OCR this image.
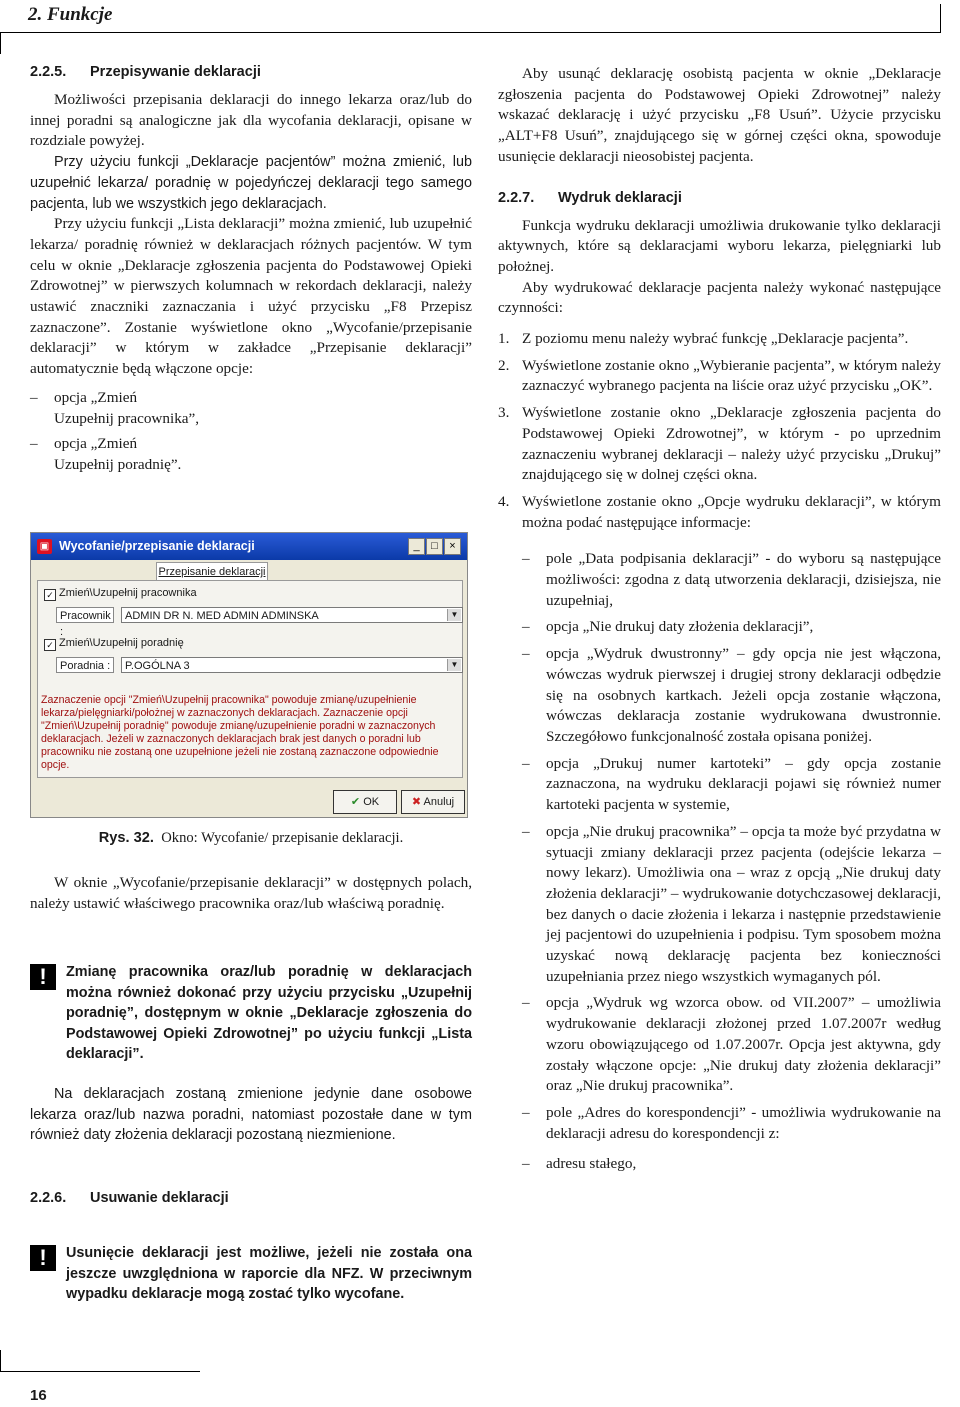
2. Funkcje
2.2.5. Przepisywanie deklaracji

Możliwości przepisania deklaracji do innego lekarza oraz/lub do innej poradni są analogiczne jak dla wycofania deklaracji, opisane w rozdziale powyżej.

Przy użyciu funkcji „Deklaracje pacjentów” można zmienić, lub uzupełnić lekarza/ poradnię w pojedyńczej deklaracji tego samego pacjenta, lub we wszystkich jego deklaracjach.

Przy użyciu funkcji „Lista deklaracji” można zmienić, lub uzupełnić lekarza/ poradnię również w deklaracjach różnych pacjentów. W tym celu w oknie „Deklaracje zgłoszenia pacjenta do Podstawowej Opieki Zdrowotnej” w pierwszych kolumnach w rekordach deklaracji, należy ustawić znaczniki zaznaczania i użyć przycisku „F8 Przepisz zaznaczone”. Zostanie wyświetlone okno „Wycofanie/przepisanie deklaracji” w którym w zakładce „Przepisanie deklaracji” automatycznie będą włączone opcje:

– opcja „Zmień
Uzupełnij pracownika”,
– opcja „Zmień
Uzupełnij poradnię”.
Wycofanie/przepisanie deklaracji
▣	_	□	×
Przepisanie deklaracji
✓ Zmień\Uzupełnij pracownika
Pracownik :
ADMIN DR N. MED ADMIN ADMINSKA	▼
✓ Zmień\Uzupełnij poradnię
Poradnia :	P.OGÓLNA 3	▼
Zaznaczenie opcji "Zmień\Uzupełnij pracownika" powoduje zmianę/uzupełnienie lekarza/pielęgniarki/położnej w zaznaczonych deklaracjach. Zaznaczenie opcji "Zmień\Uzupełnij poradnię" powoduje zmianę/uzupełnienie poradni w zaznaczonych deklaracjach. Jeżeli w zaznaczonych deklaracjach brak jest danych o poradni lub pracowniku nie zostaną one uzupełnione jeżeli nie zostaną zaznaczone odpowiednie opcje.
✔ OK	✖ Anuluj
Rys. 32. Okno: Wycofanie/ przepisanie deklaracji.

W oknie „Wycofanie/przepisanie deklaracji” w dostępnych polach, należy ustawić właściwego pracownika oraz/lub właściwą poradnię.

!	Zmianę pracownika oraz/lub poradnię w deklaracjach można również dokonać przy użyciu przycisku „Uzupełnij poradnię”, dostępnym w oknie „Deklaracje zgłoszenia do Podstawowej Opieki Zdrowotnej” po użyciu funkcji „Lista deklaracji”.

Na deklaracjach zostaną zmienione jedynie dane osobowe lekarza oraz/lub nazwa poradni, natomiast pozostałe dane w tym również daty złożenia deklaracji pozostaną niezmienione.

2.2.6. Usuwanie deklaracji
!	Usunięcie deklaracji jest możliwe, jeżeli nie została ona jeszcze uwzględniona w raporcie dla NFZ. W przeciwnym wypadku deklaracje mogą zostać tylko wycofane.

Aby usunąć deklarację osobistą pacjenta w oknie „Deklaracje zgłoszenia pacjenta do Podstawowej Opieki Zdrowotnej” należy wskazać deklarację i użyć przycisku „F8 Usuń”. Użycie przycisku „ALT+F8 Usuń”, znajdującego się w górnej części okna, spowoduje usunięcie deklaracji nieosobistej pacjenta.

2.2.7. Wydruk deklaracji

Funkcja wydruku deklaracji umożliwia drukowanie tylko deklaracji aktywnych, które są deklaracjami wyboru lekarza, pielęgniarki lub położnej.

Aby wydrukować deklaracje pacjenta należy wykonać następujące czynności:

1. Z poziomu menu należy wybrać funkcję „Deklaracje pacjenta”.
2. Wyświetlone zostanie okno „Wybieranie pacjenta”, w którym należy zaznaczyć wybranego pacjenta na liście oraz użyć przycisku „OK”.
3. Wyświetlone zostanie okno „Deklaracje zgłoszenia pacjenta do Podstawowej Opieki Zdrowotnej”, w którym - po uprzednim zaznaczeniu wybranej deklaracji – należy użyć przycisku „Drukuj” znajdującego się w dolnej części okna.
4. Wyświetlone zostanie okno „Opcje wydruku deklaracji”, w którym można podać następujące informacje:
– pole „Data podpisania deklaracji” - do wyboru są następujące możliwości: zgodna z datą utworzenia deklaracji, dzisiejsza, nie uzupełniaj,
– opcja „Nie drukuj daty złożenia deklaracji”,
– opcja „Wydruk dwustronny” – gdy opcja nie jest włączona, wówczas wydruk pierwszej i drugiej strony deklaracji odbędzie się na osobnych kartkach. Jeżeli opcja zostanie włączona, wówczas deklaracja zostanie wydrukowana dwustronnie. Szczegółowo funkcjonalność została opisana poniżej.
– opcja „Drukuj numer kartoteki” – gdy opcja zostanie zaznaczona, na wydruku deklaracji pojawi się również numer kartoteki pacjenta w systemie,
– opcja „Nie drukuj pracownika” – opcja ta może być przydatna w sytuacji zmiany deklaracji przez pacjenta (odejście lekarza – nowy lekarz). Umożliwia ona – wraz z opcją „Nie drukuj daty złożenia deklaracji” – wydrukowanie dotychczasowej deklaracji, bez danych o dacie złożenia i lekarza i następnie przedstawienie jej pacjentowi do uzupełnienia i podpisu. Tym sposobem można uzyskać nową deklarację pacjenta bez konieczności uzupełniania przez niego wszystkich wymaganych pól.
– opcja „Wydruk wg wzorca obow. od VII.2007” – umożliwia wydrukowanie deklaracji złożonej przed 1.07.2007r według wzoru obowiązującego od 1.07.2007r. Opcja jest aktywna, gdy zostały włączone opcje: „Nie drukuj daty złożenia deklaracji” oraz „Nie drukuj pracownika”.
– pole „Adres do korespondencji” - umożliwia wydrukowanie na deklaracji adresu do korespondencji z:
– adresu stałego,
16
